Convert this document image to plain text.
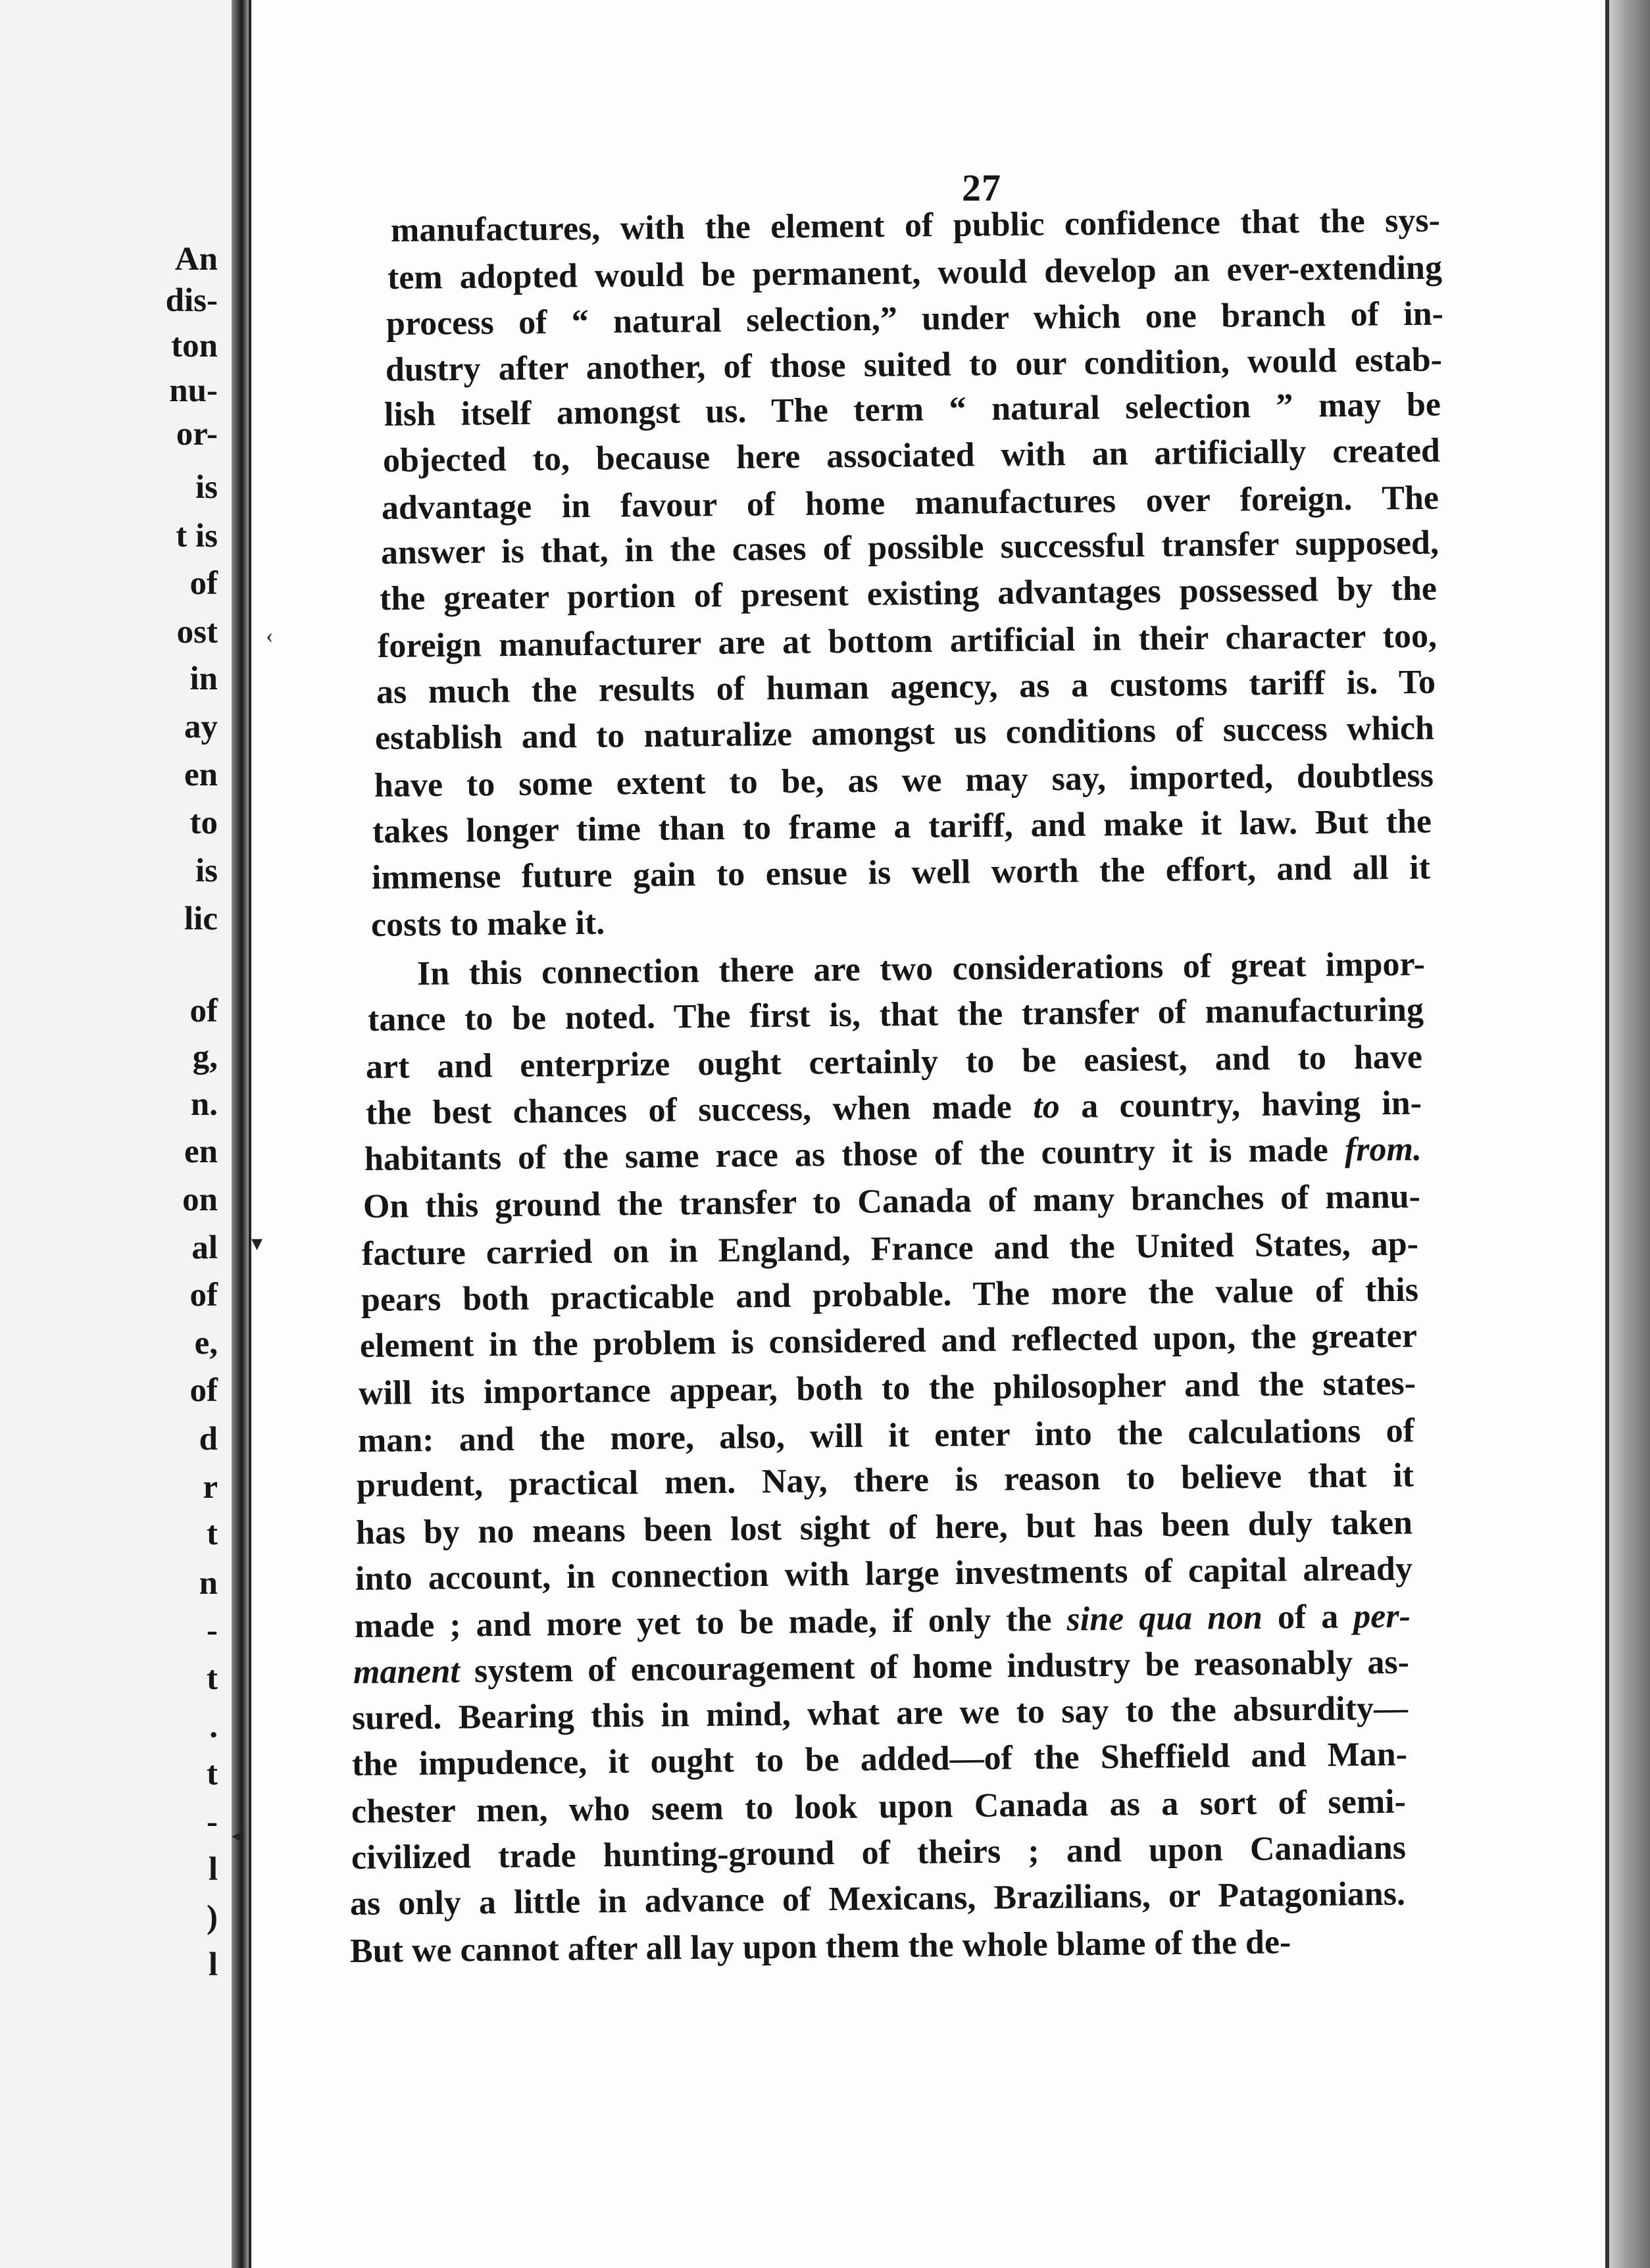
An
dis-
ton
nu-
or-
is
t is
of
ost
in
ay
en
to
is
lic
of
g,
n.
en
on
al
of
e,
of
d
r
t
n
-
t
.
t
-
l
)
l
27
manufactures, with the element of public confidence that the sys-
tem adopted would be permanent, would develop an ever-extending
process of “ natural selection,” under which one branch of in-
dustry after another, of those suited to our condition, would estab-
lish itself amongst us. The term “ natural selection ” may be
objected to, because here associated with an artificially created
advantage in favour of home manufactures over foreign. The
answer is that, in the cases of possible successful transfer supposed,
the greater portion of present existing advantages possessed by the
foreign manufacturer are at bottom artificial in their character too,
as much the results of human agency, as a customs tariff is. To
establish and to naturalize amongst us conditions of success which
have to some extent to be, as we may say, imported, doubtless
takes longer time than to frame a tariff, and make it law. But the
immense future gain to ensue is well worth the effort, and all it
costs to make it.
In this connection there are two considerations of great impor-
tance to be noted. The first is, that the transfer of manufacturing
art and enterprize ought certainly to be easiest, and to have
the best chances of success, when made to a country, having in-
habitants of the same race as those of the country it is made from.
On this ground the transfer to Canada of many branches of manu-
facture carried on in England, France and the United States, ap-
pears both practicable and probable. The more the value of this
element in the problem is considered and reflected upon, the greater
will its importance appear, both to the philosopher and the states-
man: and the more, also, will it enter into the calculations of
prudent, practical men. Nay, there is reason to believe that it
has by no means been lost sight of here, but has been duly taken
into account, in connection with large investments of capital already
made ; and more yet to be made, if only the sine qua non of a per-
manent system of encouragement of home industry be reasonably as-
sured. Bearing this in mind, what are we to say to the absurdity—
the impudence, it ought to be added—of the Sheffield and Man-
chester men, who seem to look upon Canada as a sort of semi-
civilized trade hunting-ground of theirs ; and upon Canadians
as only a little in advance of Mexicans, Brazilians, or Patagonians.
But we cannot after all lay upon them the whole blame of the de-
‹
▾
◂
